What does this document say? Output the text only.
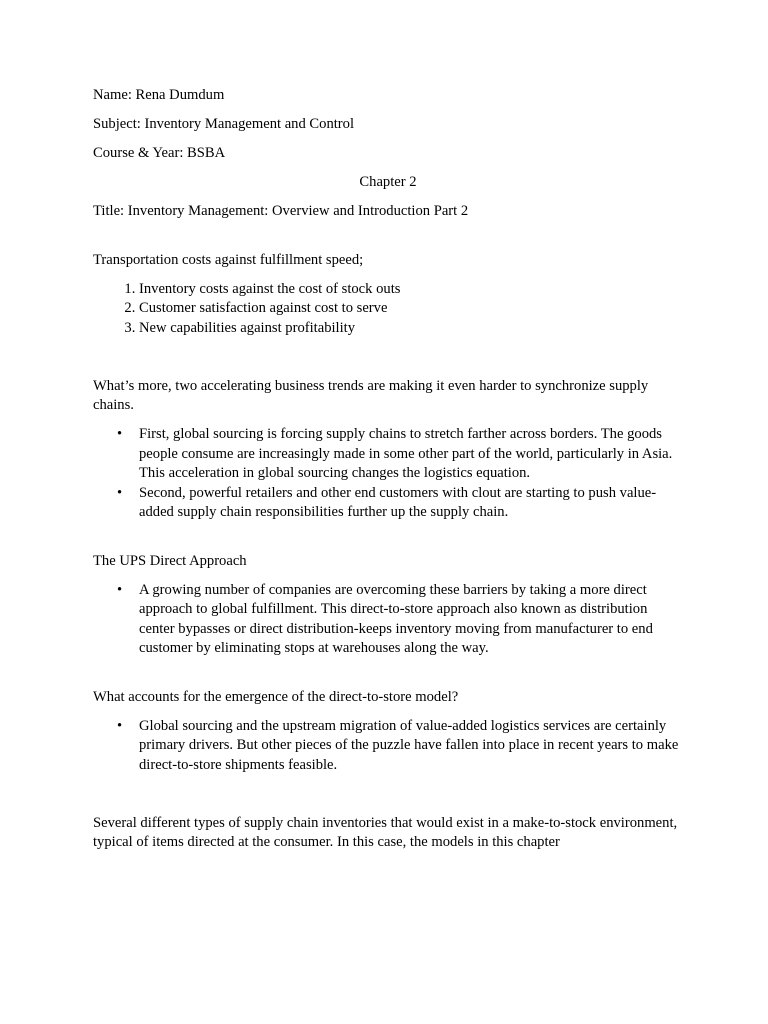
Name: Rena Dumdum

Subject: Inventory Management and Control

Course & Year: BSBA

Chapter 2

Title: Inventory Management: Overview and Introduction Part 2

Transportation costs against fulfillment speed;

1. Inventory costs against the cost of stock outs
2. Customer satisfaction against cost to serve
3. New capabilities against profitability

What’s more, two accelerating business trends are making it even harder to synchronize supply chains.

• First, global sourcing is forcing supply chains to stretch farther across borders. The goods people consume are increasingly made in some other part of the world, particularly in Asia. This acceleration in global sourcing changes the logistics equation.
• Second, powerful retailers and other end customers with clout are starting to push value-added supply chain responsibilities further up the supply chain.

The UPS Direct Approach

• A growing number of companies are overcoming these barriers by taking a more direct approach to global fulfillment. This direct-to-store approach also known as distribution center bypasses or direct distribution-keeps inventory moving from manufacturer to end customer by eliminating stops at warehouses along the way.

What accounts for the emergence of the direct-to-store model?

• Global sourcing and the upstream migration of value-added logistics services are certainly primary drivers. But other pieces of the puzzle have fallen into place in recent years to make direct-to-store shipments feasible.

Several different types of supply chain inventories that would exist in a make-to-stock environment, typical of items directed at the consumer. In this case, the models in this chapter
